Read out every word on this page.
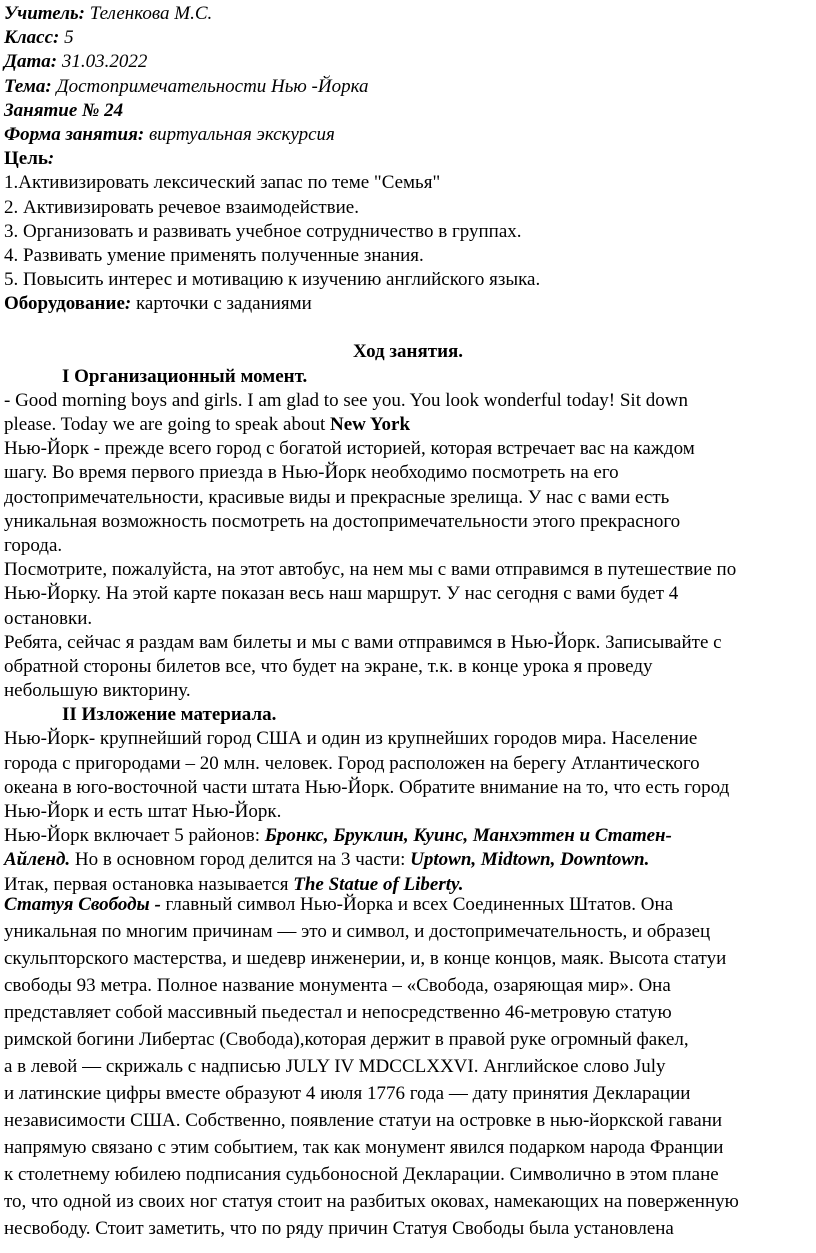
Учитель: Теленкова М.С.
Класс: 5
Дата: 31.03.2022
Тема: Достопримечательности Нью -Йорка
Занятие № 24
Форма занятия: виртуальная экскурсия
Цель:
1.Активизировать лексический запас по теме "Семья"
2. Активизировать речевое взаимодействие.
3. Организовать и развивать учебное сотрудничество в группах.
4. Развивать умение применять полученные знания.
5. Повысить интерес и мотивацию к изучению английского языка.
Оборудование: карточки с заданиями
Ход занятия.
I Организационный момент.
- Good morning boys and girls. I am glad to see you. You look wonderful today! Sit down
please. Today we are going to speak about New York
Нью-Йорк - прежде всего город с богатой историей, которая встречает вас на каждом
шагу. Во время первого приезда в Нью-Йорк необходимо посмотреть на его
достопримечательности, красивые виды и прекрасные зрелища. У нас с вами есть
уникальная возможность посмотреть на достопримечательности этого прекрасного
города.
Посмотрите, пожалуйста, на этот автобус, на нем мы с вами отправимся в путешествие по
Нью-Йорку. На этой карте показан весь наш маршрут. У нас сегодня с вами будет 4
остановки.
Ребята, сейчас я раздам вам билеты и мы с вами отправимся в Нью-Йорк. Записывайте с
обратной стороны билетов все, что будет на экране, т.к. в конце урока я проведу
небольшую викторину.
II Изложение материала.
Нью-Йорк- крупнейший город США и один из крупнейших городов мира. Население
города с пригородами – 20 млн. человек. Город расположен на берегу Атлантического
океана в юго-восточной части штата Нью-Йорк. Обратите внимание на то, что есть город
Нью-Йорк и есть штат Нью-Йорк.
Нью-Йорк включает 5 районов: Бронкс, Бруклин, Куинс, Манхэттен и Статен-
Айленд. Но в основном город делится на 3 части: Uptown, Midtown, Downtown.
Итак, первая остановка называется The Statue of Liberty.
Статуя Свободы - главный символ Нью-Йорка и всех Соединенных Штатов. Она
уникальная по многим причинам — это и символ, и достопримечательность, и образец
скульпторского мастерства, и шедевр инженерии, и, в конце концов, маяк. Высота статуи
свободы 93 метра. Полное название монумента – «Свобода, озаряющая мир». Она
представляет собой массивный пьедестал и непосредственно 46-метровую статую
римской богини Либертас (Свобода),которая держит в правой руке огромный факел,
а в левой — скрижаль с надписью JULY IV MDCCLXXVI. Английское слово July
и латинские цифры вместе образуют 4 июля 1776 года — дату принятия Декларации
независимости США. Собственно, появление статуи на островке в нью-йоркской гавани
напрямую связано с этим событием, так как монумент явился подарком народа Франции
к столетнему юбилею подписания судьбоносной Декларации. Символично в этом плане
то, что одной из своих ног статуя стоит на разбитых оковах, намекающих на поверженную
несвободу. Стоит заметить, что по ряду причин Статуя Свободы была установлена
